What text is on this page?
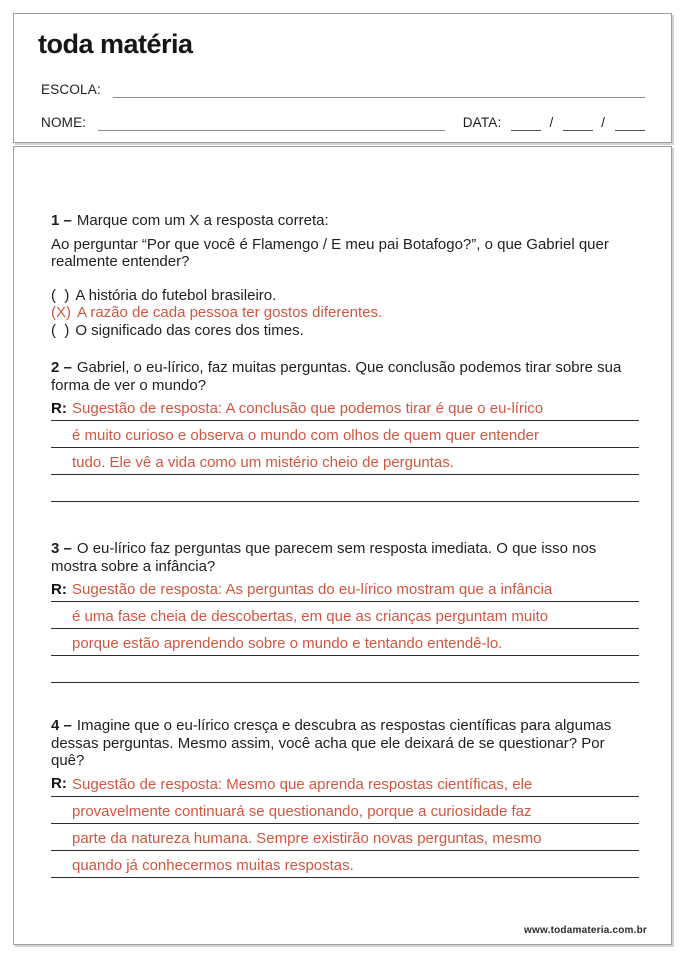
toda matéria
ESCOLA:
NOME:	DATA:	/	/

1 – Marque com um X a resposta correta:

Ao perguntar “Por que você é Flamengo / E meu pai Botafogo?”, o que Gabriel quer realmente entender?

(  ) A história do futebol brasileiro.
(X) A razão de cada pessoa ter gostos diferentes.
(  ) O significado das cores dos times.

2 – Gabriel, o eu-lírico, faz muitas perguntas. Que conclusão podemos tirar sobre sua forma de ver o mundo?

R: Sugestão de resposta: A conclusão que podemos tirar é que o eu-lírico
é muito curioso e observa o mundo com olhos de quem quer entender
tudo. Ele vê a vida como um mistério cheio de perguntas.

3 – O eu-lírico faz perguntas que parecem sem resposta imediata. O que isso nos mostra sobre a infância?

R: Sugestão de resposta: As perguntas do eu-lírico mostram que a infância
é uma fase cheia de descobertas, em que as crianças perguntam muito
porque estão aprendendo sobre o mundo e tentando entendê-lo.

4 – Imagine que o eu-lírico cresça e descubra as respostas científicas para algumas dessas perguntas. Mesmo assim, você acha que ele deixará de se questionar? Por quê?

R: Sugestão de resposta: Mesmo que aprenda respostas científicas, ele
provavelmente continuará se questionando, porque a curiosidade faz
parte da natureza humana. Sempre existirão novas perguntas, mesmo
quando já conhecermos muitas respostas.
www.todamateria.com.br
